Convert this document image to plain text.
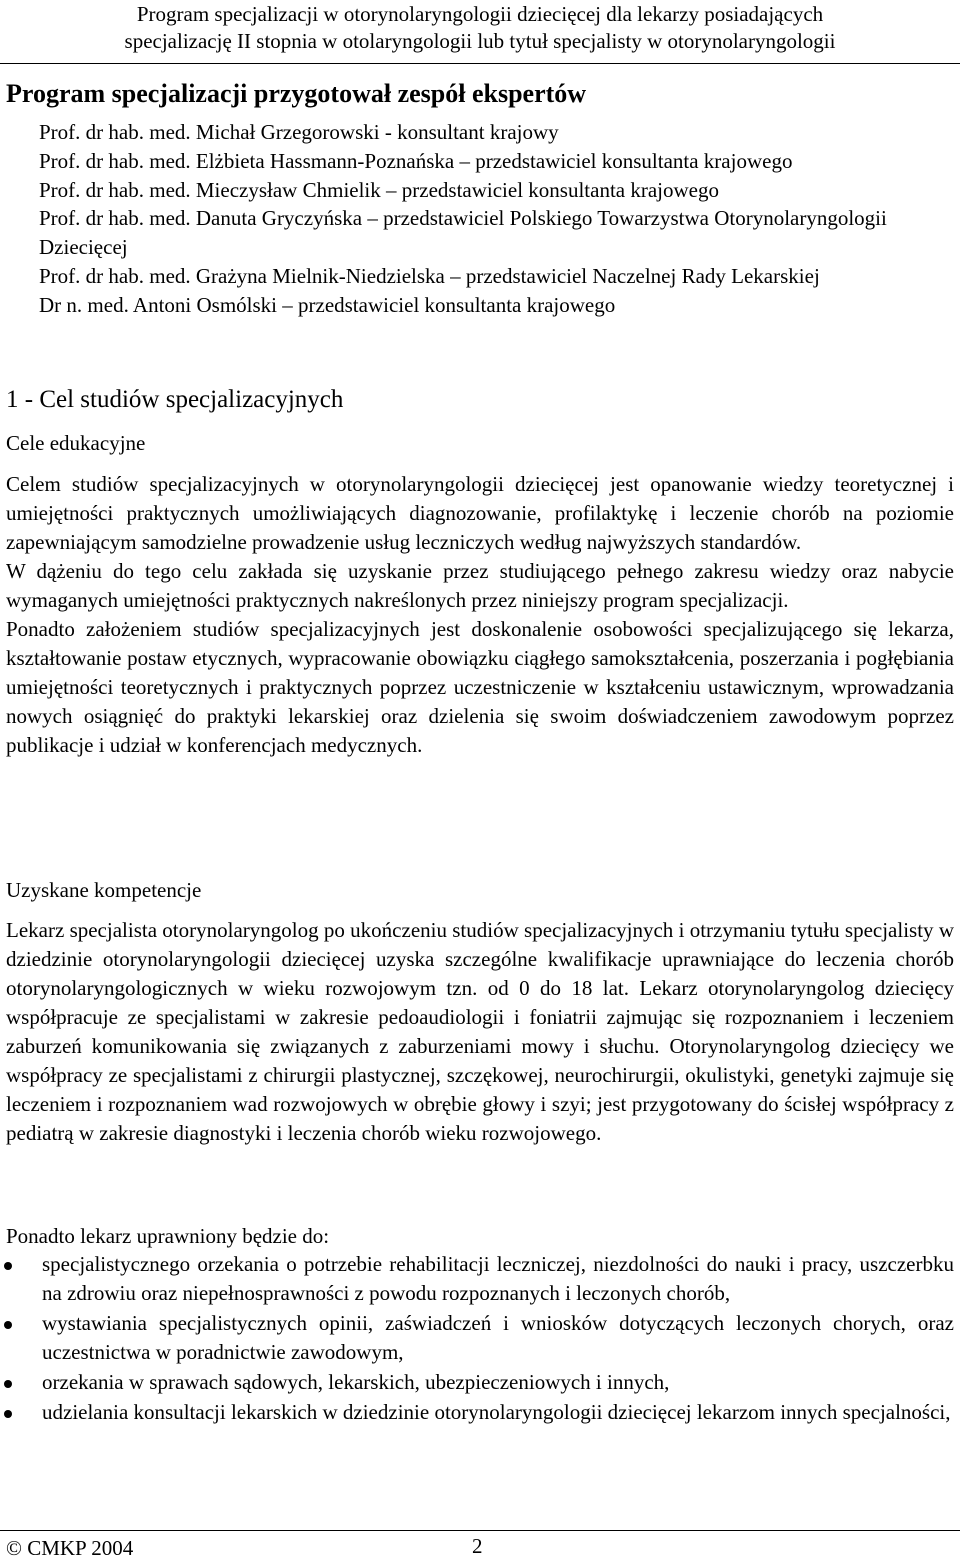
Program specjalizacji w otorynolaryngologii dziecięcej dla lekarzy posiadających
specjalizację II stopnia w otolaryngologii lub tytuł specjalisty w otorynolaryngologii
Program specjalizacji przygotował zespół ekspertów
Prof. dr hab. med. Michał Grzegorowski - konsultant krajowy
Prof. dr hab. med. Elżbieta Hassmann-Poznańska – przedstawiciel konsultanta krajowego
Prof. dr hab. med. Mieczysław Chmielik – przedstawiciel konsultanta krajowego
Prof. dr hab. med. Danuta Gryczyńska – przedstawiciel Polskiego Towarzystwa Otorynolaryngologii Dziecięcej
Prof. dr hab. med. Grażyna Mielnik-Niedzielska – przedstawiciel Naczelnej Rady Lekarskiej
Dr n. med. Antoni Osmólski – przedstawiciel konsultanta krajowego
1 - Cel studiów specjalizacyjnych
Cele edukacyjne

Celem studiów specjalizacyjnych w otorynolaryngologii dziecięcej jest opanowanie wiedzy teoretycznej i umiejętności praktycznych umożliwiających diagnozowanie, profilaktykę i leczenie chorób na poziomie zapewniającym samodzielne prowadzenie usług leczniczych według najwyższych standardów.

W dążeniu do tego celu zakłada się uzyskanie przez studiującego pełnego zakresu wiedzy oraz nabycie wymaganych umiejętności praktycznych nakreślonych przez niniejszy program specjalizacji.

Ponadto założeniem studiów specjalizacyjnych jest doskonalenie osobowości specjalizującego się lekarza, kształtowanie postaw etycznych, wypracowanie obowiązku ciągłego samokształcenia, poszerzania i pogłębiania umiejętności teoretycznych i praktycznych poprzez uczestniczenie w kształceniu ustawicznym, wprowadzania nowych osiągnięć do praktyki lekarskiej oraz dzielenia się swoim doświadczeniem zawodowym poprzez publikacje i udział w konferencjach medycznych.

Uzyskane kompetencje

Lekarz specjalista otorynolaryngolog po ukończeniu studiów specjalizacyjnych i otrzymaniu tytułu specjalisty w dziedzinie otorynolaryngologii dziecięcej uzyska szczególne kwalifikacje uprawniające do leczenia chorób otorynolaryngologicznych w wieku rozwojowym tzn. od 0 do 18 lat. Lekarz otorynolaryngolog dziecięcy współpracuje ze specjalistami w zakresie pedoaudiologii i foniatrii zajmując się rozpoznaniem i leczeniem zaburzeń komunikowania się związanych z zaburzeniami mowy i słuchu. Otorynolaryngolog dziecięcy we współpracy ze specjalistami z chirurgii plastycznej, szczękowej, neurochirurgii, okulistyki, genetyki zajmuje się leczeniem i rozpoznaniem wad rozwojowych w obrębie głowy i szyi; jest przygotowany do ścisłej współpracy z pediatrą w zakresie diagnostyki i leczenia chorób wieku rozwojowego.

Ponadto lekarz uprawniony będzie do:

specjalistycznego orzekania o potrzebie rehabilitacji leczniczej, niezdolności do nauki i pracy, uszczerbku na zdrowiu oraz niepełnosprawności z powodu rozpoznanych i leczonych chorób,
wystawiania specjalistycznych opinii, zaświadczeń i wniosków dotyczących leczonych chorych, oraz uczestnictwa w poradnictwie zawodowym,
orzekania w sprawach sądowych, lekarskich, ubezpieczeniowych i innych,
udzielania konsultacji lekarskich w dziedzinie otorynolaryngologii dziecięcej lekarzom innych specjalności,
© CMKP 2004	2
